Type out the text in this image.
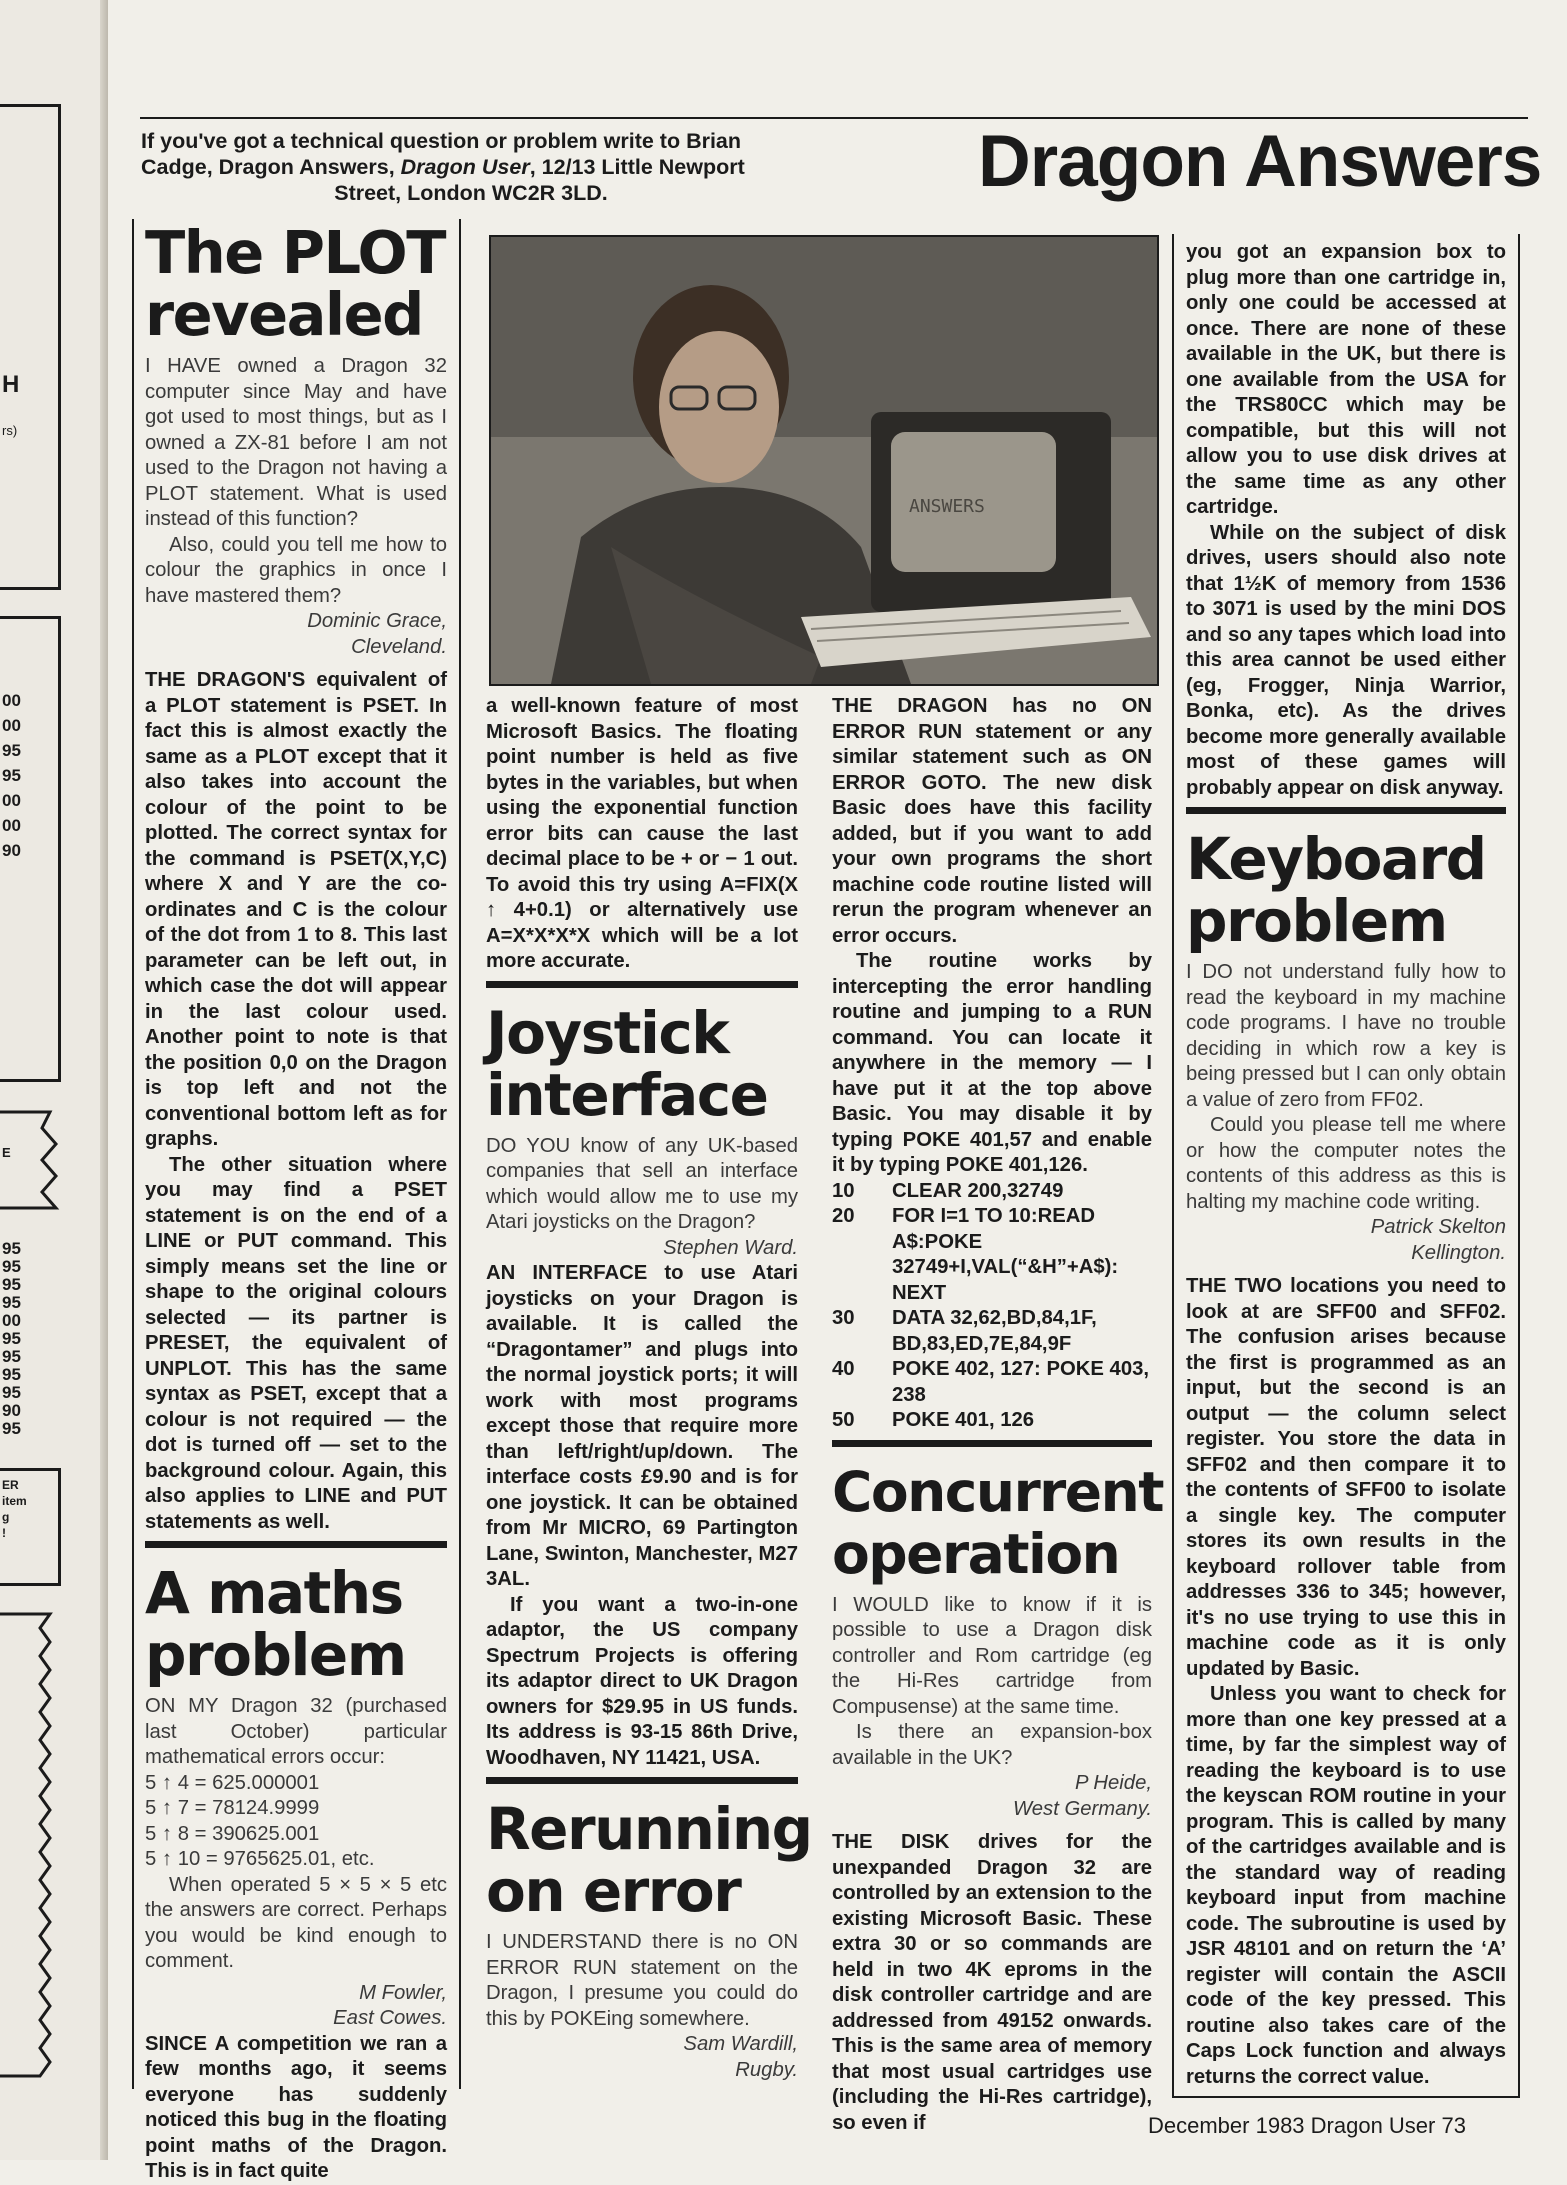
H
rs)
00
00
95
95
00
00
90
E
95
95
95
95
00
95
95
95
95
90
95
ER
item
g
!
If you've got a technical question or problem write to Brian
Cadge, Dragon Answers, Dragon User, 12/13 Little Newport
Street, London WC2R 3LD.	Dragon Answers
ANSWERS
The PLOT
revealed

I HAVE owned a Dragon 32 computer since May and have got used to most things, but as I owned a ZX-81 before I am not used to the Dragon not having a PLOT statement. What is used instead of this function?

Also, could you tell me how to colour the graphics in once I have mastered them?

Dominic Grace,
Cleveland.

THE DRAGON'S equivalent of a PLOT statement is PSET. In fact this is almost exactly the same as a PLOT except that it also takes into account the colour of the point to be plotted. The correct syntax for the command is PSET(X,Y,C) where X and Y are the co-ordinates and C is the colour of the dot from 1 to 8. This last parameter can be left out, in which case the dot will appear in the last colour used. Another point to note is that the position 0,0 on the Dragon is top left and not the conventional bottom left as for graphs.

The other situation where you may find a PSET statement is on the end of a LINE or PUT command. This simply means set the line or shape to the original colours selected — its partner is PRESET, the equivalent of UNPLOT. This has the same syntax as PSET, except that a colour is not required — the dot is turned off — set to the background colour. Again, this also applies to LINE and PUT statements as well.

A maths
problem

ON MY Dragon 32 (purchased last October) particular mathematical errors occur:

5 ↑ 4 = 625.000001
5 ↑ 7 = 78124.9999
5 ↑ 8 = 390625.001
5 ↑ 10 = 9765625.01, etc.

When operated 5 × 5 × 5 etc the answers are correct. Perhaps you would be kind enough to comment.

M Fowler,
East Cowes.

SINCE A competition we ran a few months ago, it seems everyone has suddenly noticed this bug in the floating point maths of the Dragon. This is in fact quite

a well-known feature of most Microsoft Basics. The floating point number is held as five bytes in the variables, but when using the exponential function error bits can cause the last decimal place to be + or − 1 out. To avoid this try using A=FIX(X ↑ 4+0.1) or alternatively use A=X*X*X*X which will be a lot more accurate.

Joystick
interface

DO YOU know of any UK-based companies that sell an interface which would allow me to use my Atari joysticks on the Dragon?

Stephen Ward.

AN INTERFACE to use Atari joysticks on your Dragon is available. It is called the “Dragontamer” and plugs into the normal joystick ports; it will work with most programs except those that require more than left/right/up/down. The interface costs £9.90 and is for one joystick. It can be obtained from Mr MICRO, 69 Partington Lane, Swinton, Manchester, M27 3AL.

If you want a two-in-one adaptor, the US company Spectrum Projects is offering its adaptor direct to UK Dragon owners for $29.95 in US funds. Its address is 93-15 86th Drive, Woodhaven, NY 11421, USA.

Rerunning
on error

I UNDERSTAND there is no ON ERROR RUN statement on the Dragon, I presume you could do this by POKEing somewhere.

Sam Wardill,
Rugby.

THE DRAGON has no ON ERROR RUN statement or any similar statement such as ON ERROR GOTO. The new disk Basic does have this facility added, but if you want to add your own programs the short machine code routine listed will rerun the program whenever an error occurs.

The routine works by intercepting the error handling routine and jumping to a RUN command. You can locate it anywhere in the memory — I have put it at the top above Basic. You may disable it by typing POKE 401,57 and enable it by typing POKE 401,126.

10	CLEAR 200,32749
20	FOR I=1 TO 10:READ A$:POKE 32749+I,VAL(“&H”+A$): NEXT
30	DATA 32,62,BD,84,1F, BD,83,ED,7E,84,9F
40	POKE 402, 127: POKE 403, 238
50	POKE 401, 126
Concurrent
operation

I WOULD like to know if it is possible to use a Dragon disk controller and Rom cartridge (eg the Hi-Res cartridge from Compusense) at the same time.

Is there an expansion-box available in the UK?

P Heide,
West Germany.

THE DISK drives for the unexpanded Dragon 32 are controlled by an extension to the existing Microsoft Basic. These extra 30 or so commands are held in two 4K eproms in the disk controller cartridge and are addressed from 49152 onwards. This is the same area of memory that most usual cartridges use (including the Hi-Res cartridge), so even if

you got an expansion box to plug more than one cartridge in, only one could be accessed at once. There are none of these available in the UK, but there is one available from the USA for the TRS80CC which may be compatible, but this will not allow you to use disk drives at the same time as any other cartridge.

While on the subject of disk drives, users should also note that 1½K of memory from 1536 to 3071 is used by the mini DOS and so any tapes which load into this area cannot be used either (eg, Frogger, Ninja Warrior, Bonka, etc). As the drives become more generally available most of these games will probably appear on disk anyway.

Keyboard
problem

I DO not understand fully how to read the keyboard in my machine code programs. I have no trouble deciding in which row a key is being pressed but I can only obtain a value of zero from FF02.

Could you please tell me where or how the computer notes the contents of this address as this is halting my machine code writing.

Patrick Skelton
Kellington.

THE TWO locations you need to look at are SFF00 and SFF02. The confusion arises because the first is programmed as an input, but the second is an output — the column select register. You store the data in SFF02 and then compare it to the contents of SFF00 to isolate a single key. The computer stores its own results in the keyboard rollover table from addresses 336 to 345; however, it's no use trying to use this in machine code as it is only updated by Basic.

Unless you want to check for more than one key pressed at a time, by far the simplest way of reading the keyboard is to use the keyscan ROM routine in your program. This is called by many of the cartridges available and is the standard way of reading keyboard input from machine code. The subroutine is used by JSR 48101 and on return the ‘A’ register will contain the ASCII code of the key pressed. This routine also takes care of the Caps Lock function and always returns the correct value.

December 1983 Dragon User 73
